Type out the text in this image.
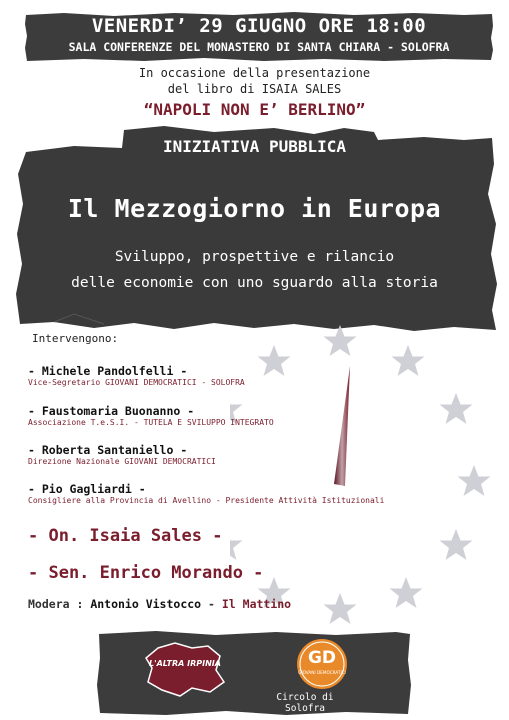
VENERDI’ 29 GIUGNO ORE 18:00
SALA CONFERENZE DEL MONASTERO DI SANTA CHIARA - SOLOFRA
In occasione della presentazione
del libro di ISAIA SALES
“NAPOLI NON E’ BERLINO”
INIZIATIVA PUBBLICA
Il Mezzogiorno in Europa
Sviluppo, prospettive e rilancio
delle economie con uno sguardo alla storia
Intervengono:
- Michele Pandolfelli -
Vice-Segretario GIOVANI DEMOCRATICI - SOLOFRA
- Faustomaria Buonanno -
Associazione T.e.S.I. - TUTELA E SVILUPPO INTEGRATO
- Roberta Santaniello -
Direzione Nazionale GIOVANI DEMOCRATICI
- Pio Gagliardi -
Consigliere alla Provincia di Avellino - Presidente Attività Istituzionali
- On. Isaia Sales -
- Sen. Enrico Morando -
Modera : Antonio Vistocco - Il Mattino
L'ALTRA IRPINIA	GD
GIOVANI DEMOCRATICI
Circolo di Solofra
